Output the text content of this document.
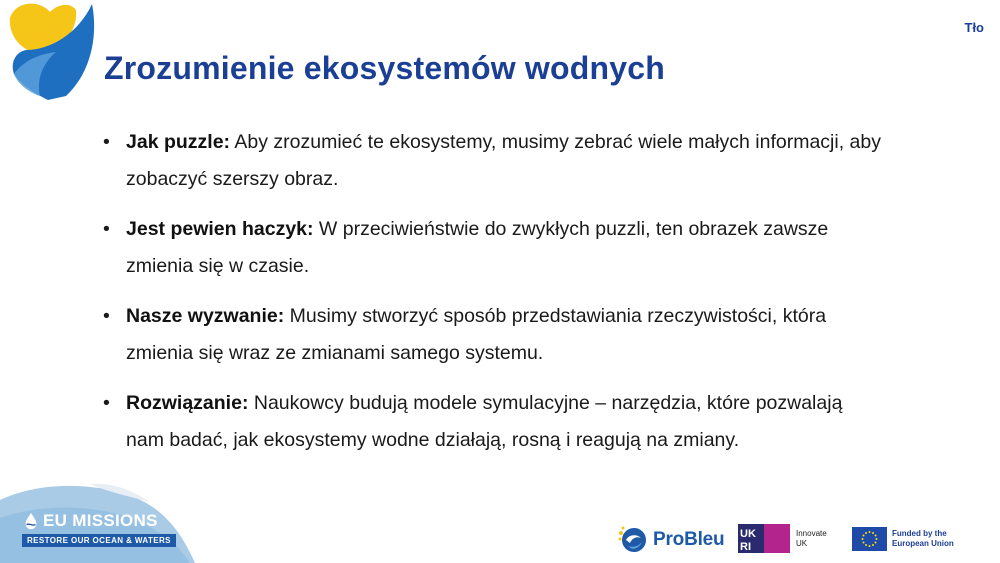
Tło
Zrozumienie ekosystemów wodnych
• Jak puzzle: Aby zrozumieć te ekosystemy, musimy zebrać wiele małych informacji, aby zobaczyć szerszy obraz.
• Jest pewien haczyk: W przeciwieństwie do zwykłych puzzli, ten obrazek zawsze zmienia się w czasie.
• Nasze wyzwanie: Musimy stworzyć sposób przedstawiania rzeczywistości, która zmienia się wraz ze zmianami samego systemu.
• Rozwiązanie: Naukowcy budują modele symulacyjne – narzędzia, które pozwalają nam badać, jak ekosystemy wodne działają, rosną i reagują na zmiany.
EU MISSIONS
RESTORE OUR OCEAN & WATERS	ProBleu UK
RI
Innovate UK
Funded by the European Union
